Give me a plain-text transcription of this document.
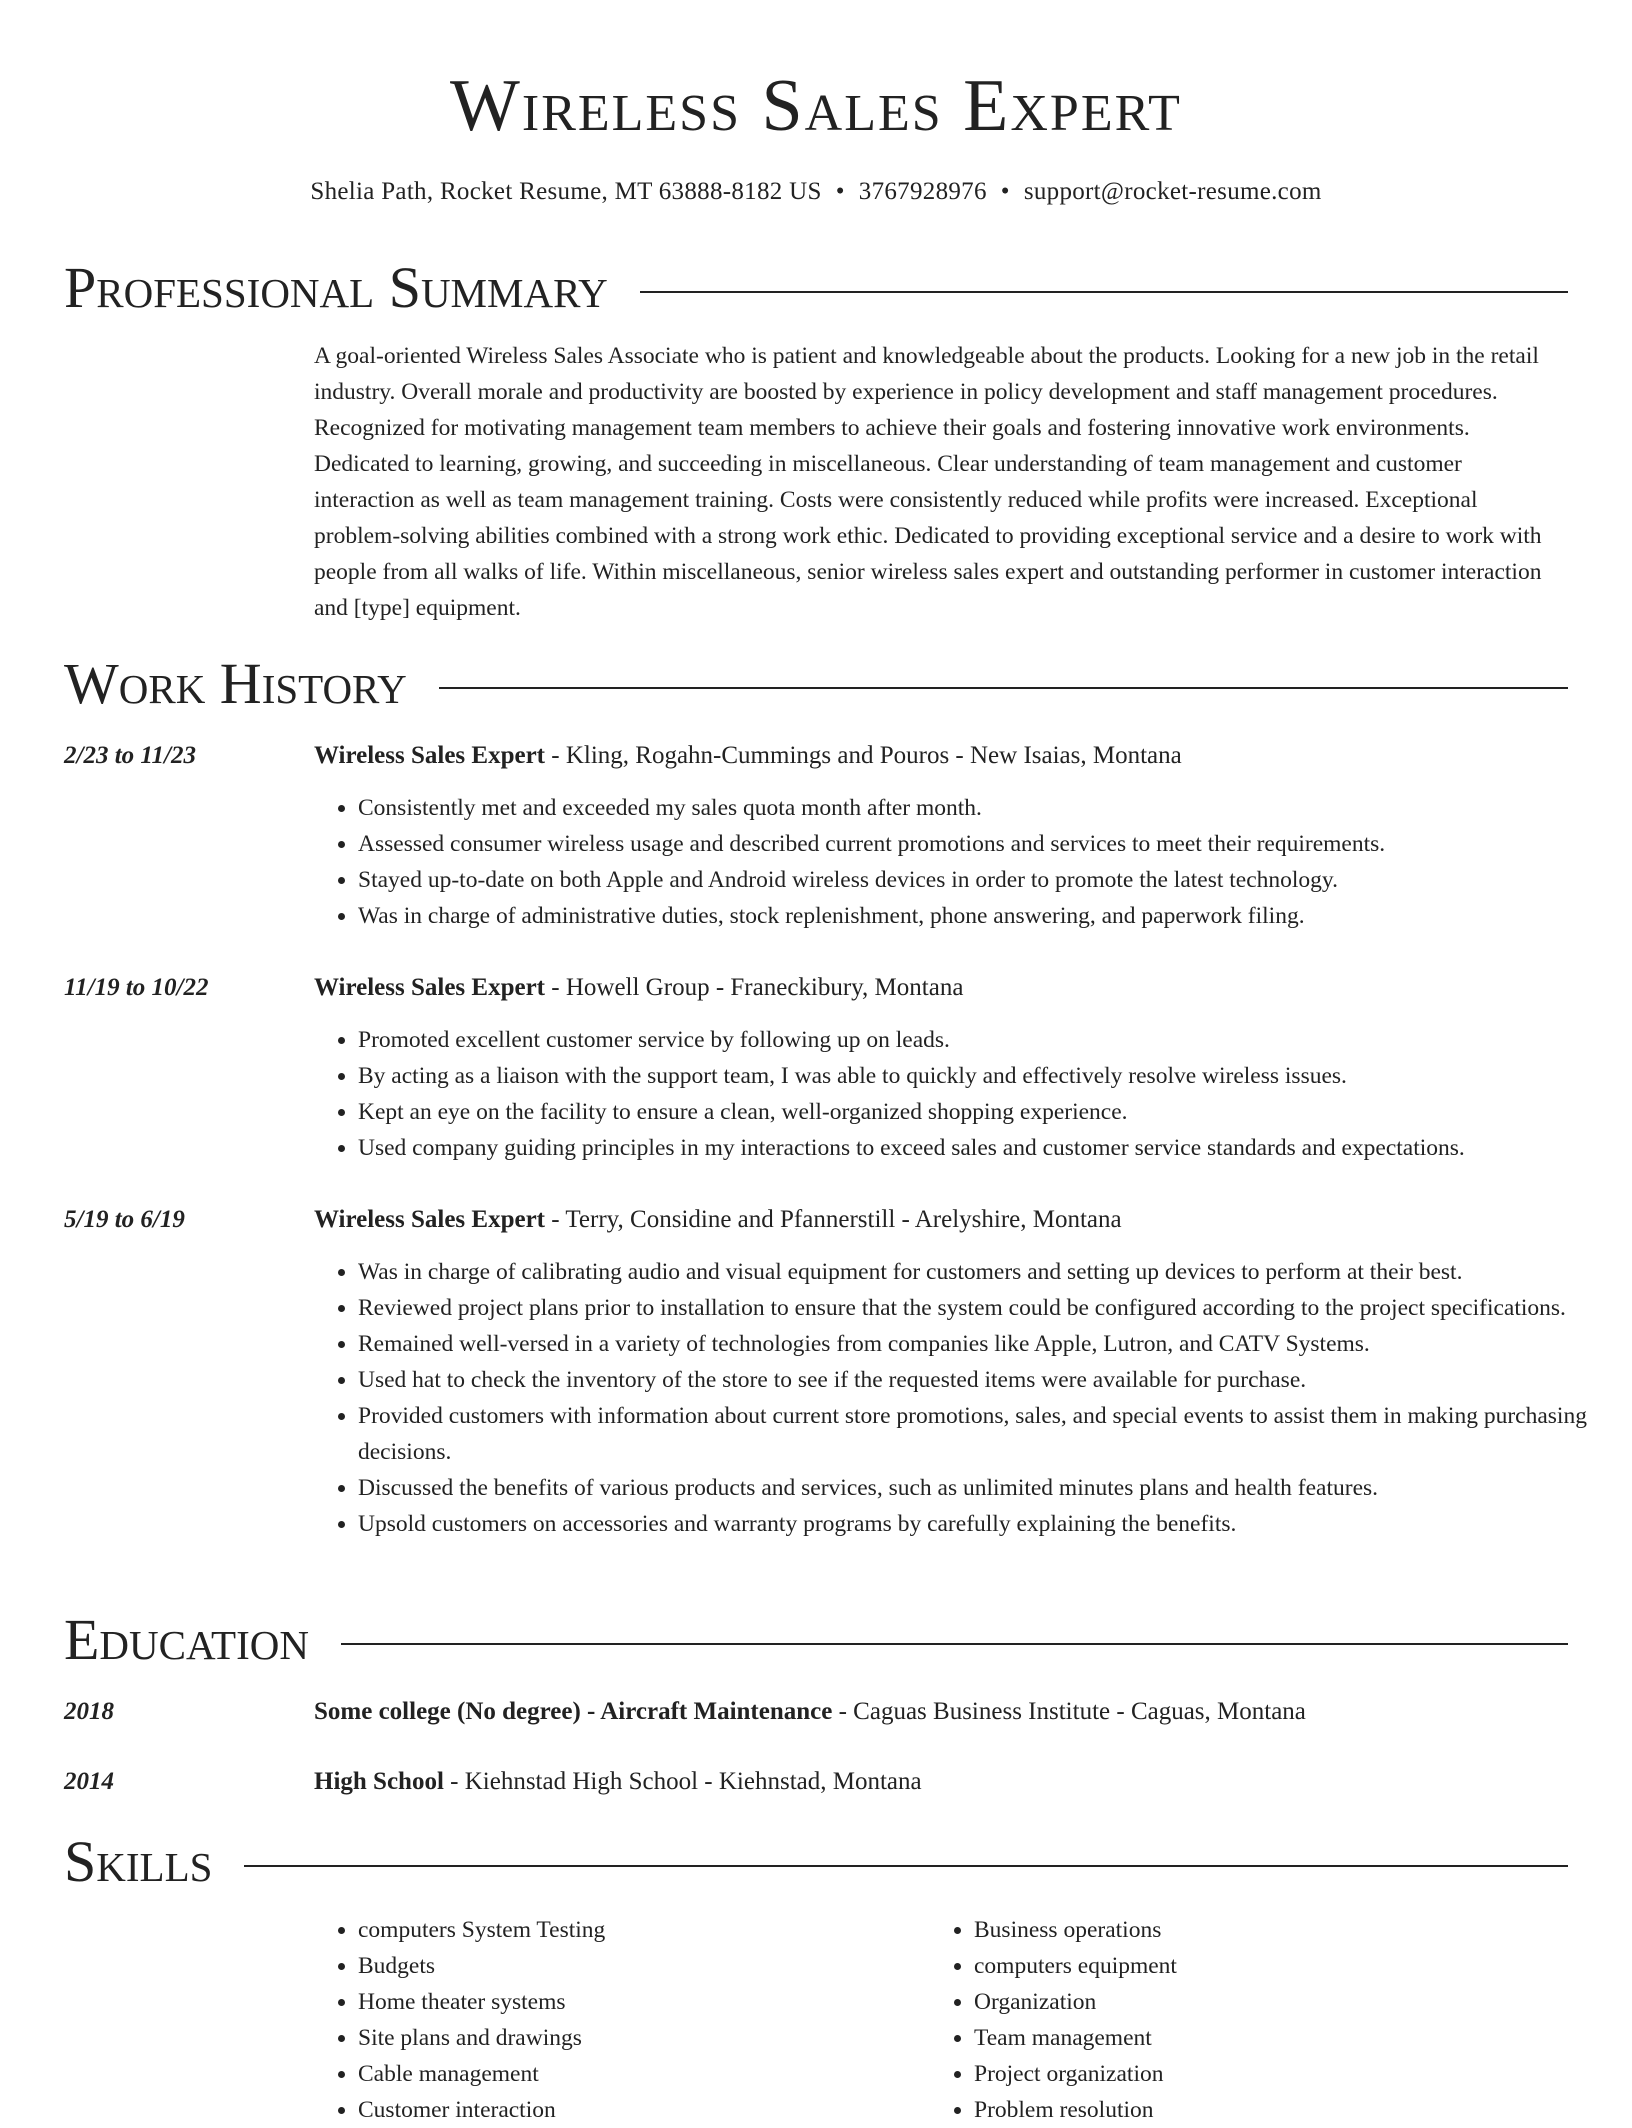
Wireless Sales Expert
Shelia Path, Rocket Resume, MT 63888-8182 US • 3767928976 • support@rocket-resume.com
Professional Summary
A goal-oriented Wireless Sales Associate who is patient and knowledgeable about the products. Looking for a new job in the retail industry. Overall morale and productivity are boosted by experience in policy development and staff management procedures. Recognized for motivating management team members to achieve their goals and fostering innovative work environments. Dedicated to learning, growing, and succeeding in miscellaneous. Clear understanding of team management and customer interaction as well as team management training. Costs were consistently reduced while profits were increased. Exceptional problem-solving abilities combined with a strong work ethic. Dedicated to providing exceptional service and a desire to work with people from all walks of life. Within miscellaneous, senior wireless sales expert and outstanding performer in customer interaction and [type] equipment.
Work History
2/23 to 11/23	Wireless Sales Expert - Kling, Rogahn-Cummings and Pouros - New Isaias, Montana
• Consistently met and exceeded my sales quota month after month.
• Assessed consumer wireless usage and described current promotions and services to meet their requirements.
• Stayed up-to-date on both Apple and Android wireless devices in order to promote the latest technology.
• Was in charge of administrative duties, stock replenishment, phone answering, and paperwork filing.
11/19 to 10/22	Wireless Sales Expert - Howell Group - Franeckibury, Montana
• Promoted excellent customer service by following up on leads.
• By acting as a liaison with the support team, I was able to quickly and effectively resolve wireless issues.
• Kept an eye on the facility to ensure a clean, well-organized shopping experience.
• Used company guiding principles in my interactions to exceed sales and customer service standards and expectations.
5/19 to 6/19	Wireless Sales Expert - Terry, Considine and Pfannerstill - Arelyshire, Montana
• Was in charge of calibrating audio and visual equipment for customers and setting up devices to perform at their best.
• Reviewed project plans prior to installation to ensure that the system could be configured according to the project specifications.
• Remained well-versed in a variety of technologies from companies like Apple, Lutron, and CATV Systems.
• Used hat to check the inventory of the store to see if the requested items were available for purchase.
• Provided customers with information about current store promotions, sales, and special events to assist them in making purchasing decisions.
• Discussed the benefits of various products and services, such as unlimited minutes plans and health features.
• Upsold customers on accessories and warranty programs by carefully explaining the benefits.
Education
2018	Some college (No degree) - Aircraft Maintenance - Caguas Business Institute - Caguas, Montana
2014	High School - Kiehnstad High School - Kiehnstad, Montana
Skills
• computers System Testing
• Budgets
• Home theater systems
• Site plans and drawings
• Cable management
• Customer interaction
• Business operations
• computers equipment
• Organization
• Team management
• Project organization
• Problem resolution
